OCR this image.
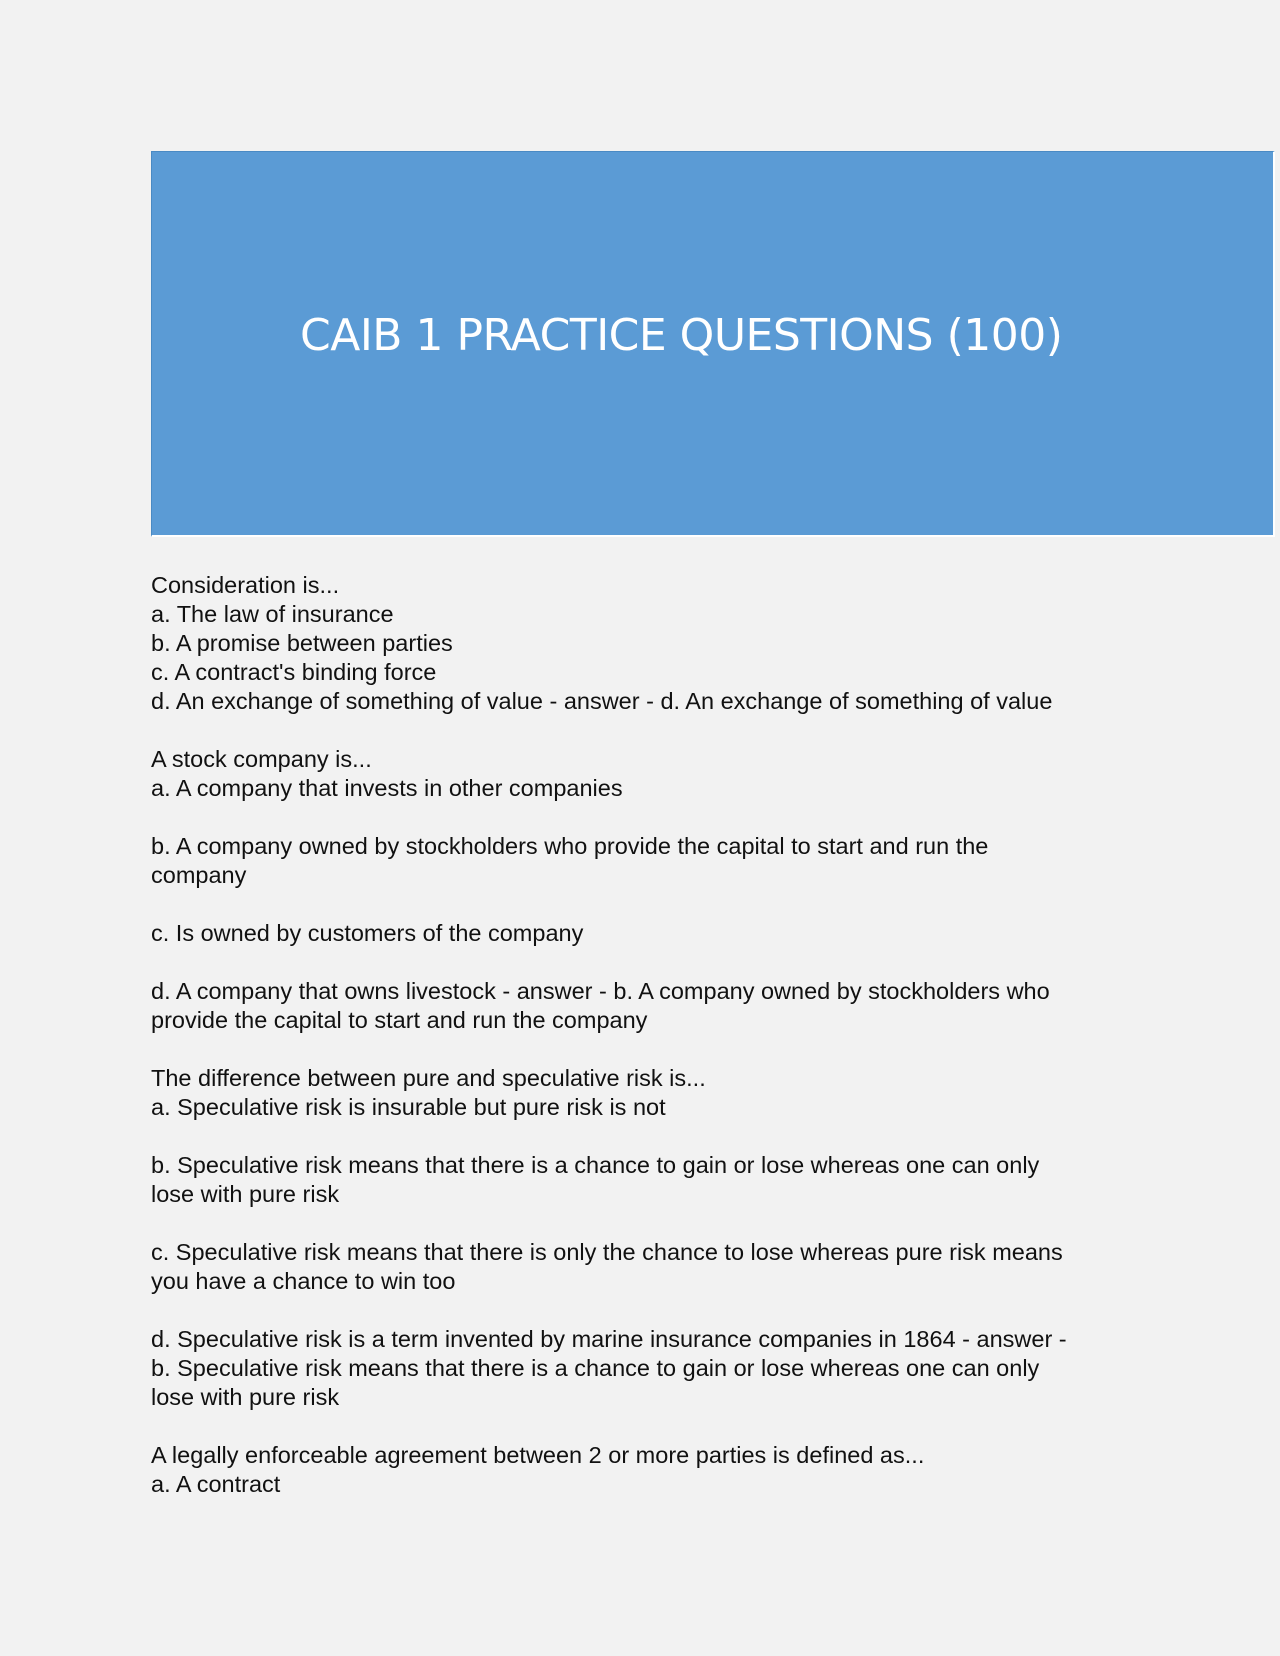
CAIB 1 PRACTICE QUESTIONS (100)
Consideration is...
a. The law of insurance
b. A promise between parties
c. A contract's binding force
d. An exchange of something of value - answer - d. An exchange of something of value
A stock company is...
a. A company that invests in other companies
b. A company owned by stockholders who provide the capital to start and run the
company
c. Is owned by customers of the company
d. A company that owns livestock - answer - b. A company owned by stockholders who
provide the capital to start and run the company
The difference between pure and speculative risk is...
a. Speculative risk is insurable but pure risk is not
b. Speculative risk means that there is a chance to gain or lose whereas one can only
lose with pure risk
c. Speculative risk means that there is only the chance to lose whereas pure risk means
you have a chance to win too
d. Speculative risk is a term invented by marine insurance companies in 1864 - answer -
b. Speculative risk means that there is a chance to gain or lose whereas one can only
lose with pure risk
A legally enforceable agreement between 2 or more parties is defined as...
a. A contract
